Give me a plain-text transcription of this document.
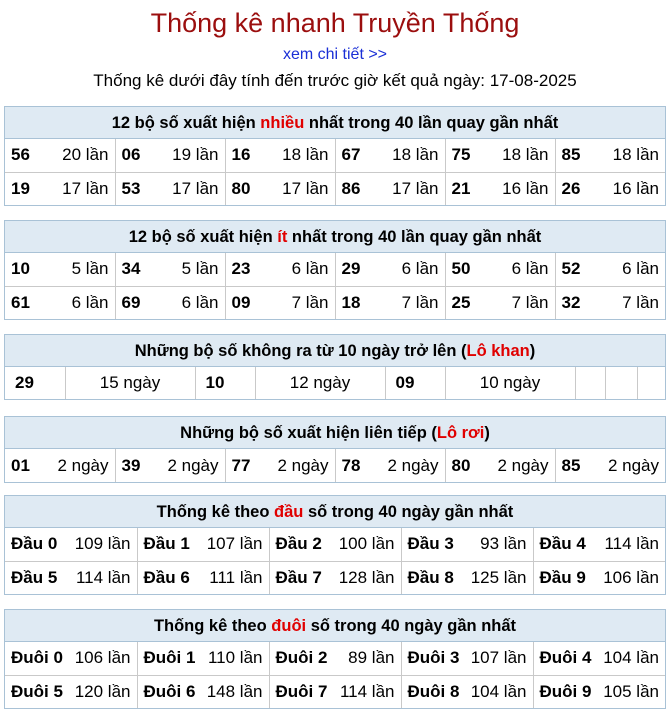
Thống kê nhanh Truyền Thống
xem chi tiết >>
Thống kê dưới đây tính đến trước giờ kết quả ngày: 17-08-2025
12 bộ số xuất hiện nhiều nhất trong 40 lần quay gần nhất
56 20 lần	06 19 lần	16 18 lần	67 18 lần	75 18 lần	85 18 lần

19 17 lần	53 17 lần	80 17 lần	86 17 lần	21 16 lần	26 16 lần
12 bộ số xuất hiện ít nhất trong 40 lần quay gần nhất
10 5 lần	34 5 lần	23 6 lần	29 6 lần	50 6 lần	52 6 lần

61 6 lần	69 6 lần	09 7 lần	18 7 lần	25 7 lần	32 7 lần
Những bộ số không ra từ 10 ngày trở lên (Lô khan)
29	15 ngày	10	12 ngày	09	10 ngày			
Những bộ số xuất hiện liên tiếp (Lô rơi)
01 2 ngày	39 2 ngày	77 2 ngày	78 2 ngày	80 2 ngày	85 2 ngày
Thống kê theo đầu số trong 40 ngày gần nhất
Đầu 0 109 lần	Đầu 1 107 lần	Đầu 2 100 lần	Đầu 3 93 lần	Đầu 4 114 lần

Đầu 5 114 lần	Đầu 6 111 lần	Đầu 7 128 lần	Đầu 8 125 lần	Đầu 9 106 lần
Thống kê theo đuôi số trong 40 ngày gần nhất
Đuôi 0 106 lần	Đuôi 1 110 lần	Đuôi 2 89 lần	Đuôi 3 107 lần	Đuôi 4 104 lần

Đuôi 5 120 lần	Đuôi 6 148 lần	Đuôi 7 114 lần	Đuôi 8 104 lần	Đuôi 9 105 lần
